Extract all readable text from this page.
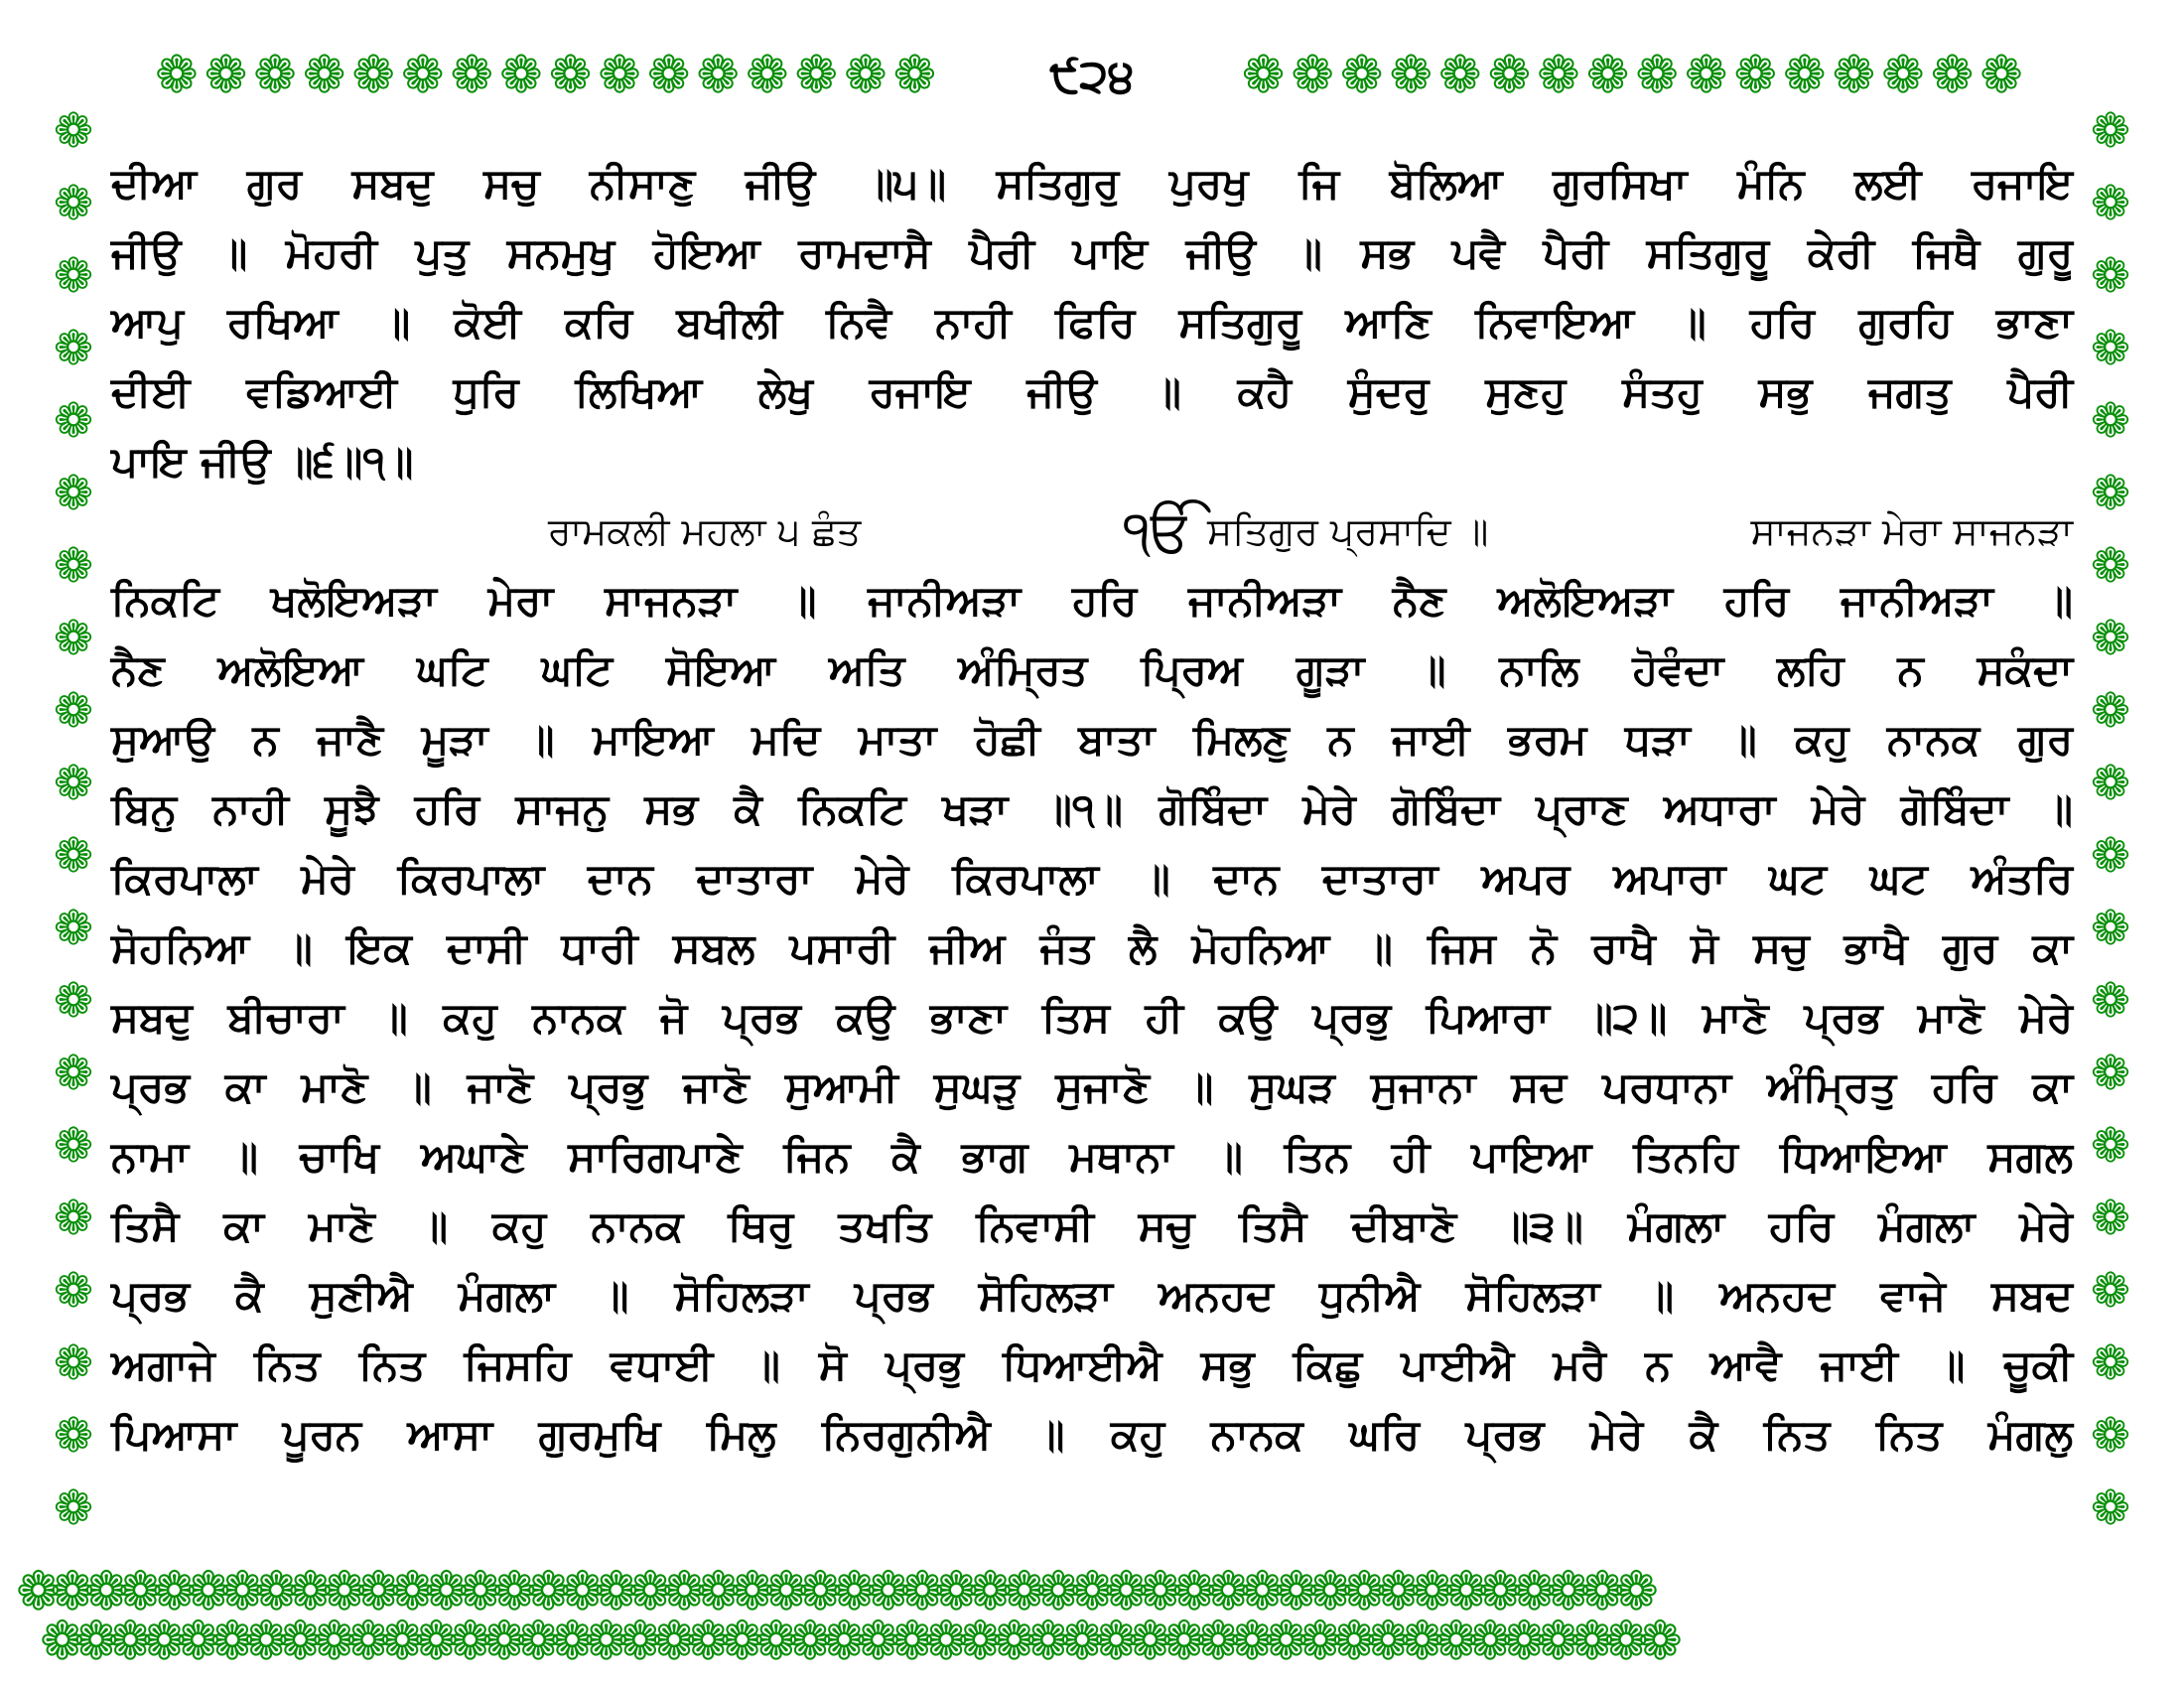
❁❁❁❁❁❁❁❁❁❁❁❁❁❁❁❁	੯੨੪	❁❁❁❁❁❁❁❁❁❁❁❁❁❁❁❁
❁❁❁❁❁❁❁❁❁❁❁❁❁❁❁❁❁❁❁❁
❁❁❁❁❁❁❁❁❁❁❁❁❁❁❁❁❁❁❁❁
ਦੀਆ ਗੁਰ ਸਬਦੁ ਸਚੁ ਨੀਸਾਣੁ ਜੀਉ ॥੫॥ ਸਤਿਗੁਰੁ ਪੁਰਖੁ ਜਿ ਬੋਲਿਆ ਗੁਰਸਿਖਾ ਮੰਨਿ ਲਈ ਰਜਾਇ
ਜੀਉ ॥ ਮੋਹਰੀ ਪੁਤੁ ਸਨਮੁਖੁ ਹੋਇਆ ਰਾਮਦਾਸੈ ਪੈਰੀ ਪਾਇ ਜੀਉ ॥ ਸਭ ਪਵੈ ਪੈਰੀ ਸਤਿਗੁਰੂ ਕੇਰੀ ਜਿਥੈ ਗੁਰੂ
ਆਪੁ ਰਖਿਆ ॥ ਕੋਈ ਕਰਿ ਬਖੀਲੀ ਨਿਵੈ ਨਾਹੀ ਫਿਰਿ ਸਤਿਗੁਰੂ ਆਣਿ ਨਿਵਾਇਆ ॥ ਹਰਿ ਗੁਰਹਿ ਭਾਣਾ
ਦੀਈ ਵਡਿਆਈ ਧੁਰਿ ਲਿਖਿਆ ਲੇਖੁ ਰਜਾਇ ਜੀਉ ॥ ਕਹੈ ਸੁੰਦਰੁ ਸੁਣਹੁ ਸੰਤਹੁ ਸਭੁ ਜਗਤੁ ਪੈਰੀ
ਪਾਇ ਜੀਉ ॥੬॥੧॥
ਰਾਮਕਲੀ ਮਹਲਾ ੫ ਛੰਤ	ੴ ਸਤਿਗੁਰ ਪ੍ਰਸਾਦਿ ॥	ਸਾਜਨੜਾ ਮੇਰਾ ਸਾਜਨੜਾ
ਨਿਕਟਿ ਖਲੋਇਅੜਾ ਮੇਰਾ ਸਾਜਨੜਾ ॥ ਜਾਨੀਅੜਾ ਹਰਿ ਜਾਨੀਅੜਾ ਨੈਣ ਅਲੋਇਅੜਾ ਹਰਿ ਜਾਨੀਅੜਾ ॥
ਨੈਣ ਅਲੋਇਆ ਘਟਿ ਘਟਿ ਸੋਇਆ ਅਤਿ ਅੰਮ੍ਰਿਤ ਪ੍ਰਿਅ ਗੂੜਾ ॥ ਨਾਲਿ ਹੋਵੰਦਾ ਲਹਿ ਨ ਸਕੰਦਾ
ਸੁਆਉ ਨ ਜਾਣੈ ਮੂੜਾ ॥ ਮਾਇਆ ਮਦਿ ਮਾਤਾ ਹੋਛੀ ਬਾਤਾ ਮਿਲਣੁ ਨ ਜਾਈ ਭਰਮ ਧੜਾ ॥ ਕਹੁ ਨਾਨਕ ਗੁਰ
ਬਿਨੁ ਨਾਹੀ ਸੂਝੈ ਹਰਿ ਸਾਜਨੁ ਸਭ ਕੈ ਨਿਕਟਿ ਖੜਾ ॥੧॥ ਗੋਬਿੰਦਾ ਮੇਰੇ ਗੋਬਿੰਦਾ ਪ੍ਰਾਣ ਅਧਾਰਾ ਮੇਰੇ ਗੋਬਿੰਦਾ ॥
ਕਿਰਪਾਲਾ ਮੇਰੇ ਕਿਰਪਾਲਾ ਦਾਨ ਦਾਤਾਰਾ ਮੇਰੇ ਕਿਰਪਾਲਾ ॥ ਦਾਨ ਦਾਤਾਰਾ ਅਪਰ ਅਪਾਰਾ ਘਟ ਘਟ ਅੰਤਰਿ
ਸੋਹਨਿਆ ॥ ਇਕ ਦਾਸੀ ਧਾਰੀ ਸਬਲ ਪਸਾਰੀ ਜੀਅ ਜੰਤ ਲੈ ਮੋਹਨਿਆ ॥ ਜਿਸ ਨੋ ਰਾਖੈ ਸੋ ਸਚੁ ਭਾਖੈ ਗੁਰ ਕਾ
ਸਬਦੁ ਬੀਚਾਰਾ ॥ ਕਹੁ ਨਾਨਕ ਜੋ ਪ੍ਰਭ ਕਉ ਭਾਣਾ ਤਿਸ ਹੀ ਕਉ ਪ੍ਰਭੁ ਪਿਆਰਾ ॥੨॥ ਮਾਣੋ ਪ੍ਰਭ ਮਾਣੋ ਮੇਰੇ
ਪ੍ਰਭ ਕਾ ਮਾਣੋ ॥ ਜਾਣੋ ਪ੍ਰਭੁ ਜਾਣੋ ਸੁਆਮੀ ਸੁਘੜੁ ਸੁਜਾਣੋ ॥ ਸੁਘੜ ਸੁਜਾਨਾ ਸਦ ਪਰਧਾਨਾ ਅੰਮ੍ਰਿਤੁ ਹਰਿ ਕਾ
ਨਾਮਾ ॥ ਚਾਖਿ ਅਘਾਣੇ ਸਾਰਿਗਪਾਣੇ ਜਿਨ ਕੈ ਭਾਗ ਮਥਾਨਾ ॥ ਤਿਨ ਹੀ ਪਾਇਆ ਤਿਨਹਿ ਧਿਆਇਆ ਸਗਲ
ਤਿਸੈ ਕਾ ਮਾਣੋ ॥ ਕਹੁ ਨਾਨਕ ਥਿਰੁ ਤਖਤਿ ਨਿਵਾਸੀ ਸਚੁ ਤਿਸੈ ਦੀਬਾਣੋ ॥੩॥ ਮੰਗਲਾ ਹਰਿ ਮੰਗਲਾ ਮੇਰੇ
ਪ੍ਰਭ ਕੈ ਸੁਣੀਐ ਮੰਗਲਾ ॥ ਸੋਹਿਲੜਾ ਪ੍ਰਭ ਸੋਹਿਲੜਾ ਅਨਹਦ ਧੁਨੀਐ ਸੋਹਿਲੜਾ ॥ ਅਨਹਦ ਵਾਜੇ ਸਬਦ
ਅਗਾਜੇ ਨਿਤ ਨਿਤ ਜਿਸਹਿ ਵਧਾਈ ॥ ਸੋ ਪ੍ਰਭੁ ਧਿਆਈਐ ਸਭੁ ਕਿਛੁ ਪਾਈਐ ਮਰੈ ਨ ਆਵੈ ਜਾਈ ॥ ਚੂਕੀ
ਪਿਆਸਾ ਪੂਰਨ ਆਸਾ ਗੁਰਮੁਖਿ ਮਿਲੁ ਨਿਰਗੁਨੀਐ ॥ ਕਹੁ ਨਾਨਕ ਘਰਿ ਪ੍ਰਭ ਮੇਰੇ ਕੈ ਨਿਤ ਨਿਤ ਮੰਗਲੁ
❁❁❁❁❁❁❁❁❁❁❁❁❁❁❁❁❁❁❁❁❁❁❁❁❁❁❁❁❁❁❁❁❁❁❁❁❁❁❁❁❁❁❁❁❁❁❁❁
❁❁❁❁❁❁❁❁❁❁❁❁❁❁❁❁❁❁❁❁❁❁❁❁❁❁❁❁❁❁❁❁❁❁❁❁❁❁❁❁❁❁❁❁❁❁❁❁
